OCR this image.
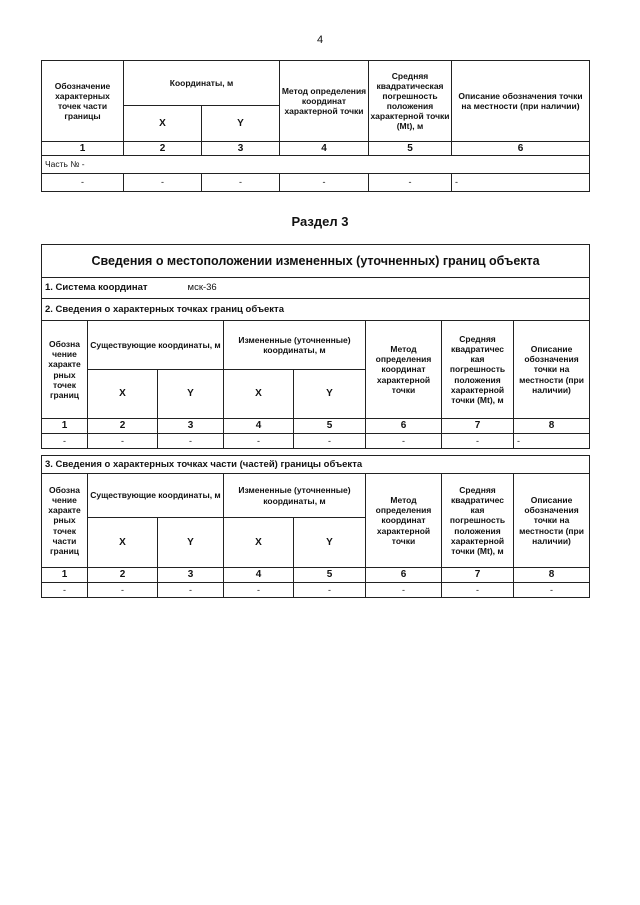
4
Обозначение характерных точек части границы	Координаты, м		Метод определения координат характерной точки	Средняя квадратическая погрешность положения характерной точки (Mt), м	Описание обозначения точки на местности (при наличии)
	X	Y			
1	2	3	4	5	6
Часть № -					
-	-	-	-	-	-
Раздел 3
Сведения о местоположении измененных (уточненных) границ объекта							
1. Система координат мск-36							
2. Сведения о характерных точках границ объекта							
Обозна чение характе рных точек границ	Существующие координаты, м		Измененные (уточненные) координаты, м		Метод определения координат характерной точки	Средняя квадратичес кая погрешность положения характерной точки (Mt), м	Описание обозначения точки на местности (при наличии)
	X	Y	X	Y			
1	2	3	4	5	6	7	8
-	-	-	-	-	-	-	-

3. Сведения о характерных точках части (частей) границы объекта							
Обозна чение характе рных точек части границ	Существующие координаты, м		Измененные (уточненные) координаты, м		Метод определения координат характерной точки	Средняя квадратичес кая погрешность положения характерной точки (Mt), м	Описание обозначения точки на местности (при наличии)
	X	Y	X	Y			
1	2	3	4	5	6	7	8
-	-	-	-	-	-	-	-
